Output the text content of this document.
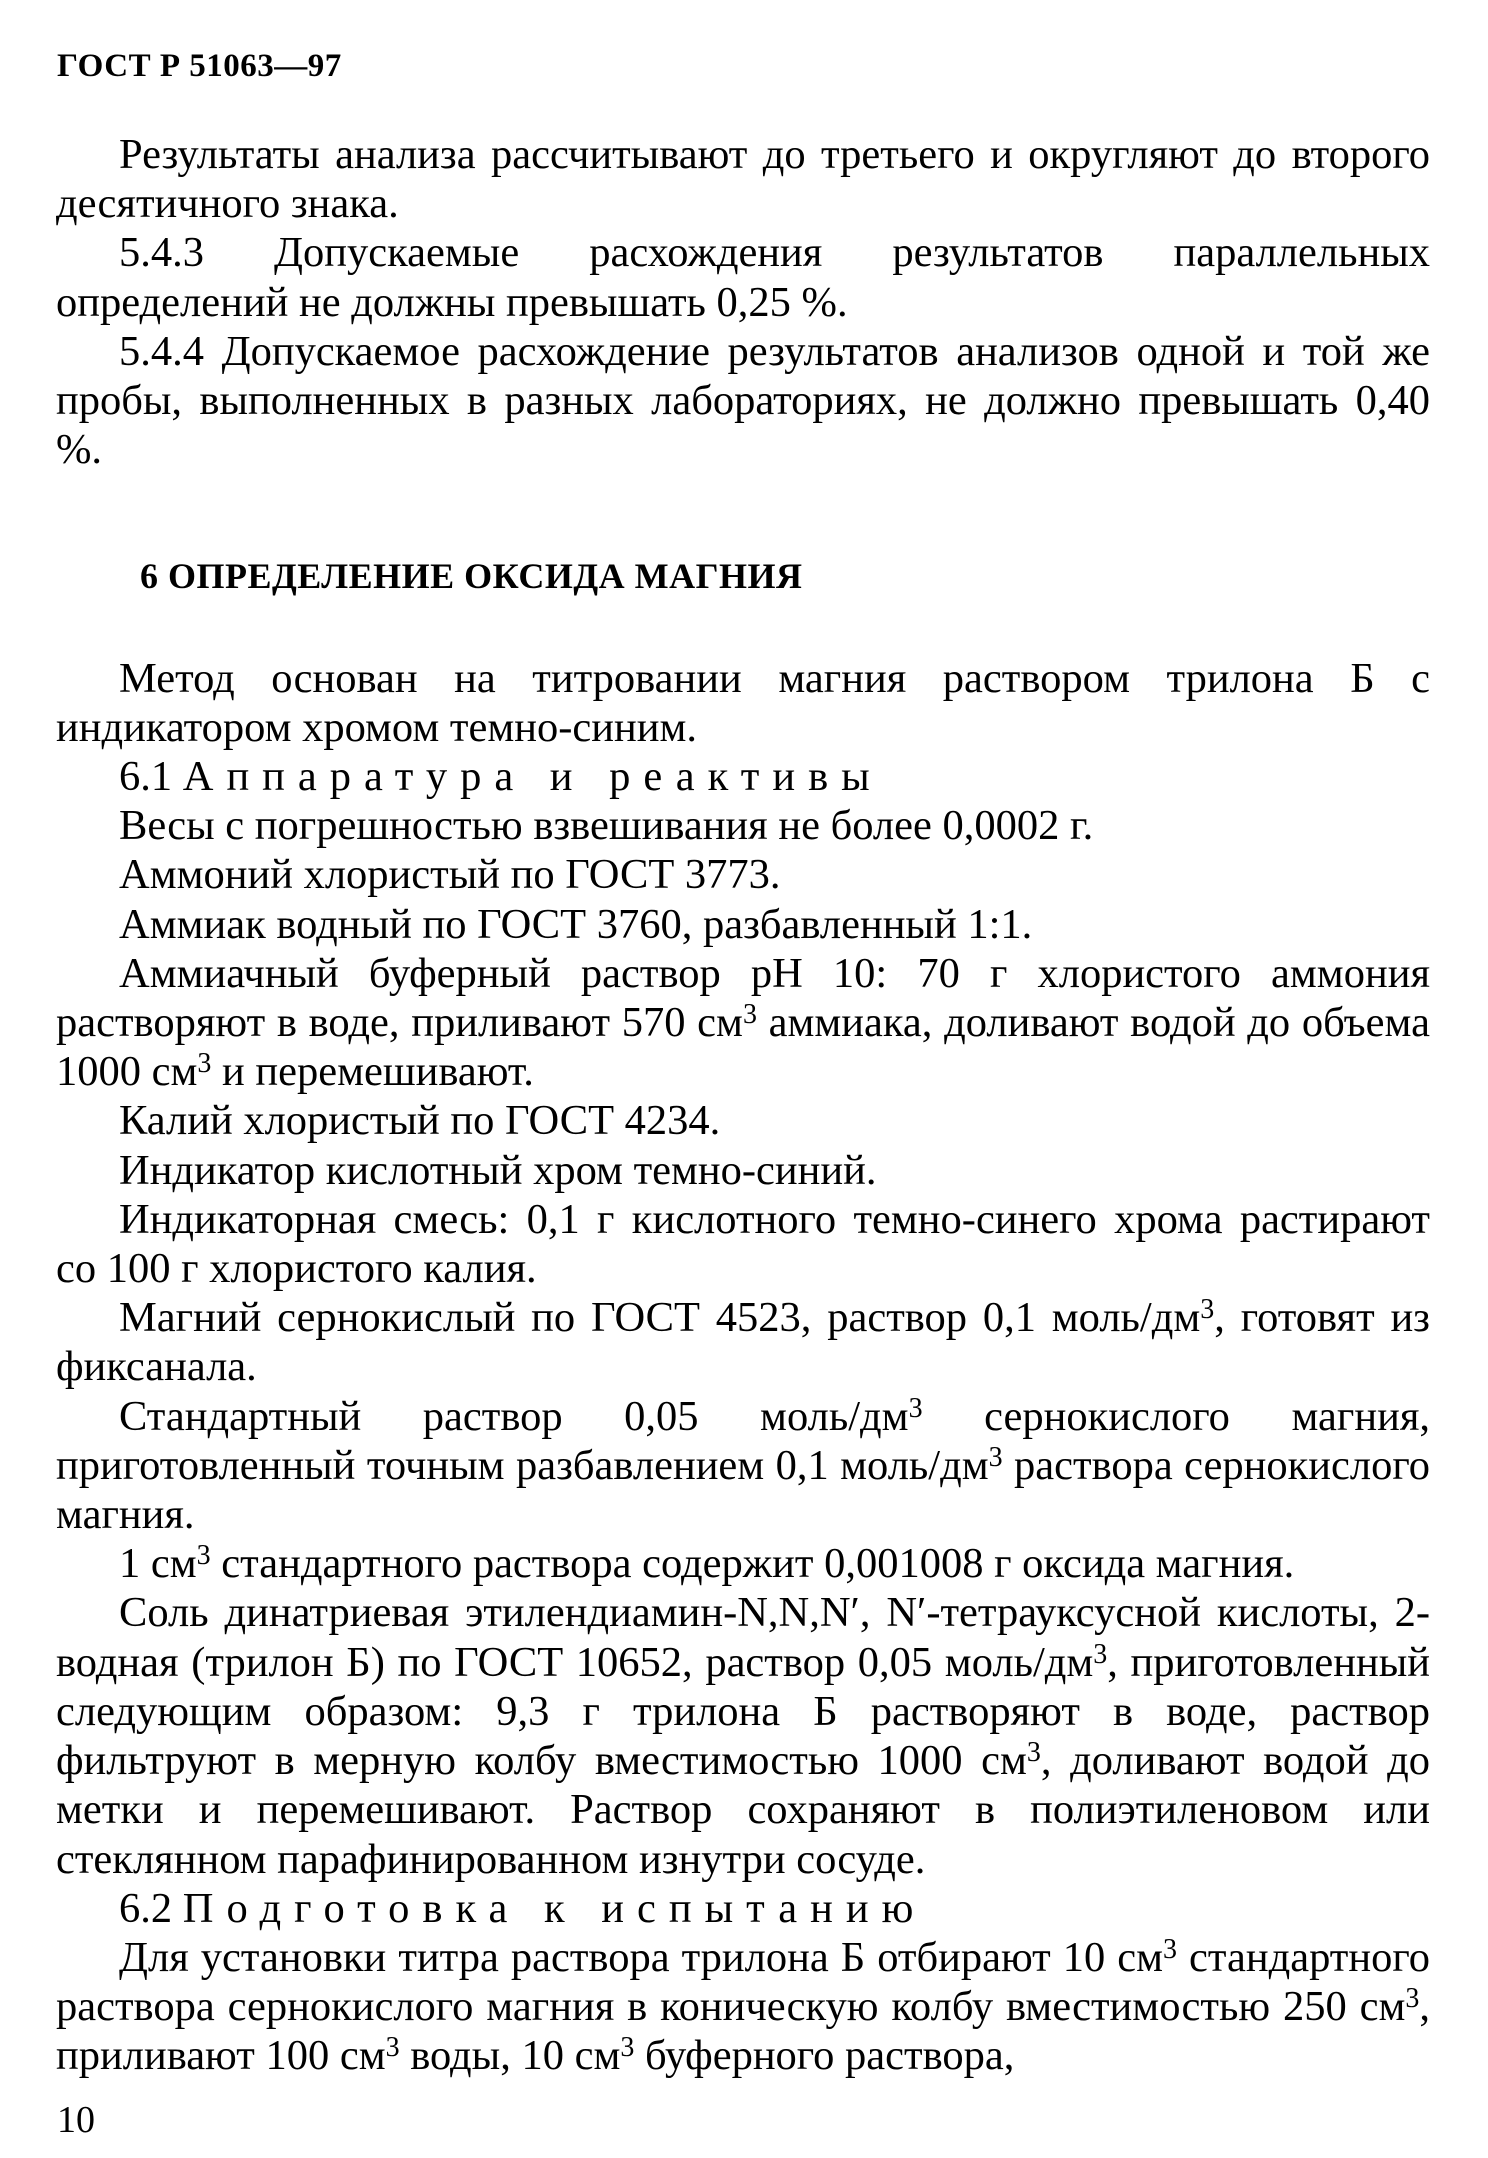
ГОСТ Р 51063—97

Результаты анализа рассчитывают до третьего и округляют до второго десятичного знака.

5.4.3 Допускаемые расхождения результатов параллельных определений не должны превышать 0,25 %.

5.4.4 Допускаемое расхождение результатов анализов одной и той же пробы, выполненных в разных лабораториях, не должно превышать 0,40 %.

6 ОПРЕДЕЛЕНИЕ ОКСИДА МАГНИЯ

Метод основан на титровании магния раствором трилона Б с индикатором хромом темно-синим.

6.1 Аппаратура и реактивы

Весы с погрешностью взвешивания не более 0,0002 г.

Аммоний хлористый по ГОСТ 3773.

Аммиак водный по ГОСТ 3760, разбавленный 1:1.

Аммиачный буферный раствор рН 10: 70 г хлористого аммония растворяют в воде, приливают 570 $см^3$ аммиака, доливают водой до объема 1000 $см^3$ и перемешивают.

Калий хлористый по ГОСТ 4234.

Индикатор кислотный хром темно-синий.

Индикаторная смесь: 0,1 г кислотного темно-синего хрома растирают со 100 г хлористого калия.

Магний сернокислый по ГОСТ 4523, раствор 0,1 моль/$дм^3$, готовят из фиксанала.

Стандартный раствор 0,05 моль/$дм^3$ сернокислого магния, приготовленный точным разбавлением 0,1 моль/$дм^3$ раствора сернокислого магния.

1 $см^3$ стандартного раствора содержит 0,001008 г оксида магния.

Соль динатриевая этилендиамин-N,N,N′, N′-тетрауксусной кислоты, 2-водная (трилон Б) по ГОСТ 10652, раствор 0,05 моль/$дм^3$, приготовленный следующим образом: 9,3 г трилона Б растворяют в воде, раствор фильтруют в мерную колбу вместимостью 1000 $см^3$, доливают водой до метки и перемешивают. Раствор сохраняют в полиэтиленовом или стеклянном парафинированном изнутри сосуде.

6.2 Подготовка к испытанию

Для установки титра раствора трилона Б отбирают 10 $см^3$ стандартного раствора сернокислого магния в коническую колбу вместимостью 250 $см^3$, приливают 100 $см^3$ воды, 10 $см^3$ буферного раствора,

10
